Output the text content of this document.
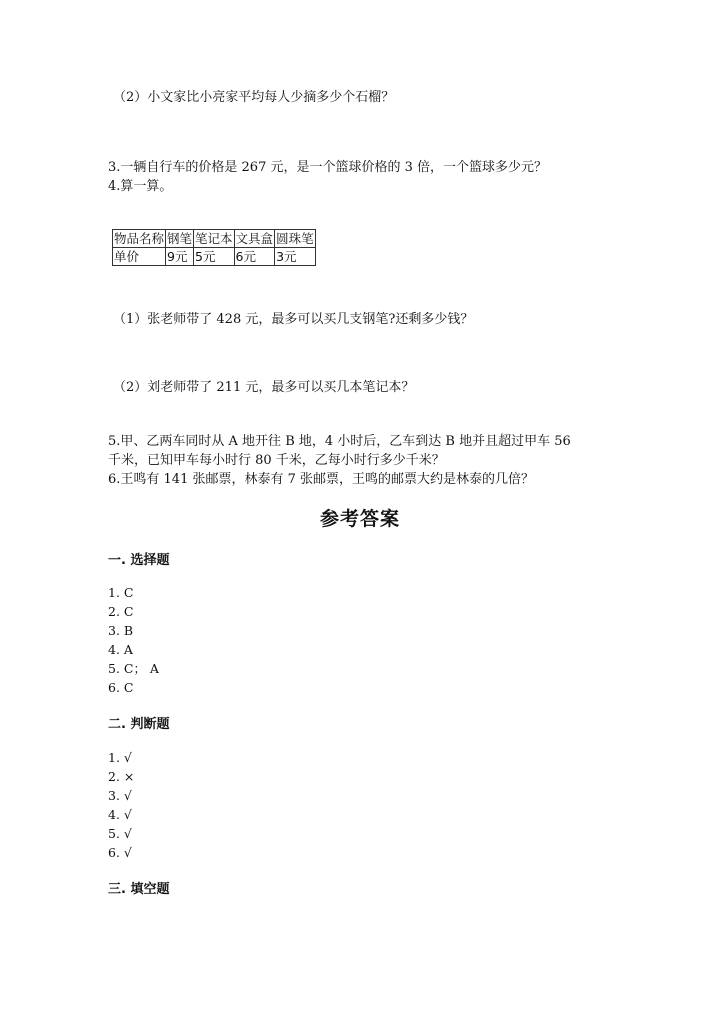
（2）小文家比小亮家平均每人少摘多少个石榴？
3.一辆自行车的价格是 267 元，是一个篮球价格的 3 倍，一个篮球多少元？
4.算一算。
物品名称	钢笔	笔记本	文具盒	圆珠笔
单价	9元	5元	6元	3元
（1）张老师带了 428 元，最多可以买几支钢笔?还剩多少钱？
（2）刘老师带了 211 元，最多可以买几本笔记本？
5.甲、乙两车同时从 A 地开往 B 地，4 小时后，乙车到达 B 地并且超过甲车 56
千米，已知甲车每小时行 80 千米，乙每小时行多少千米？
6.王鸣有 141 张邮票，林泰有 7 张邮票，王鸣的邮票大约是林泰的几倍？
参考答案
一. 选择题
1. C
2. C
3. B
4. A
5. C； A
6. C
二. 判断题
1. √
2. ×
3. √
4. √
5. √
6. √
三. 填空题
